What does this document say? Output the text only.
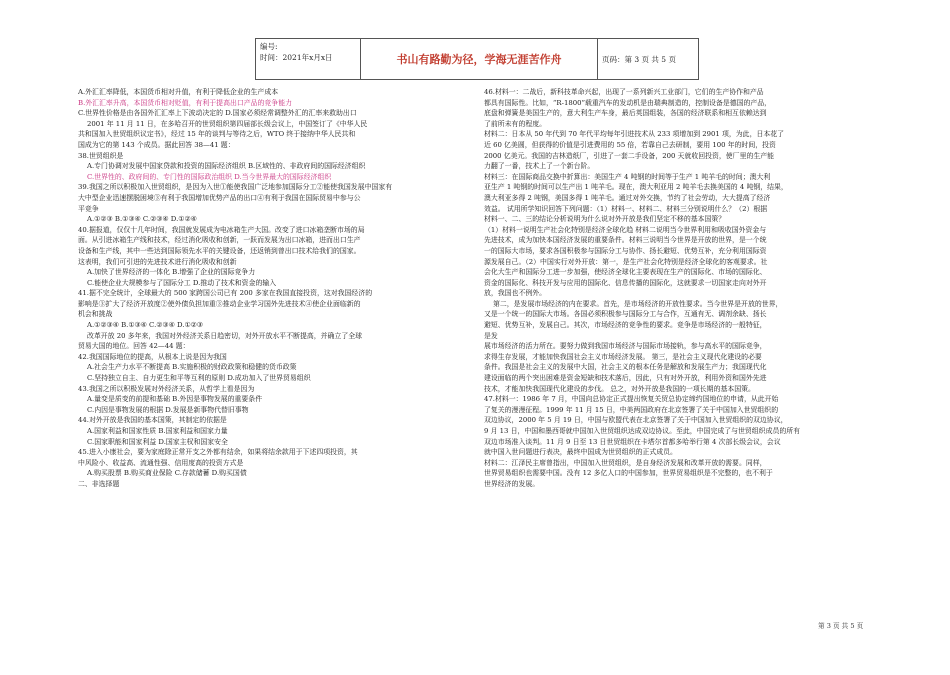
编号:
时间：2021年x月x日	书山有路勤为径，学海无涯苦作舟	页码：第 3 页 共 5 页

A.外汇汇率降低，本国货币相对升值，有利于降低企业的生产成本

B.外汇汇率升高，本国货币相对贬值，有利于提高出口产品的竞争能力

C.世界性价格是由各国外汇汇率上下波动决定的 D.国家必须经常调整外汇的汇率来救助出口

2001 年 11 月 11 日，在多哈召开的世贸组织第四届部长级会议上，中国签订了《中华人民

共和国加入世贸组织议定书》，经过 15 年的谈判与等待之后，WTO 终于接纳中华人民共和

国成为它的第 143 个成员。据此回答 38—41 题：

38.世贸组织是

A.专门协调对发展中国家贷款和投资的国际经济组织 B.区域性的、非政府间的国际经济组织

C.世界性的、政府间的、专门性的国际政治组织 D.当今世界最大的国际经济组织

39.我国之所以积极加入世贸组织，是因为入世①能使我国广泛地参加国际分工②能使我国发展中国家有

大中型企业迅速摆脱困境③有利于我国增加优势产品的出口④有利于我国在国际贸易中参与公

平竞争

A.①②③ B.①③④ C.②③④ D.①②④

40.据报道，仅仅十几年时间，我国就发展成为电冰箱生产大国。改变了进口冰箱垄断市场的局

面。从引进冰箱生产线和技术，经过消化吸收和创新，一跃而发展为出口冰箱，进而出口生产

设备和生产线，其中一些达到国际领先水平的关键设备，还返销到曾出口技术给我们的国家。

这表明，我们可引进的先进技术进行消化吸收和创新

A.加快了世界经济的一体化 B.增强了企业的国际竞争力

C.能使企业大规模参与了国际分工 D.推动了技术和资金的输入

41.据不完全统计，全球最大的 500 家跨国公司已有 200 多家在我国直接投资，这对我国经济的

影响是③扩大了经济开放度②使外债负担加重③推动企业学习国外先进技术④使企业面临新的

机会和挑战

A.①②③④ B.①③④ C.②③④ D.①②③

改革开放 20 多年来，我国对外经济关系日趋密切，对外开放水平不断提高，并确立了全球

贸易大国的地位。回答 42—44 题：

42.我国国际地位的提高，从根本上说是因为我国

A.社会生产力水平不断提高 B.实施积极的财政政策和稳健的货币政策

C.坚持独立自主、自力更生和平等互利的原则 D.成功加入了世界贸易组织

43.我国之所以积极发展对外经济关系，从哲学上看是因为

A.量变是质变的前提和基础 B.外因是事物发展的重要条件

C.内因是事物发展的根据 D.发展是新事物代替旧事物

44.对外开放是我国的基本国策，其制定的依据是

A.国家利益和国家性质 B.国家利益和国家力量

C.国家职能和国家利益 D.国家主权和国家安全

45.进入小康社会，要为家庭除正常开支之外都有结余，如果将结余款用于下述四项投资，其

中风险小、收益高、流通性强、信用度高的投资方式是

A.购买股票 B.购买商业保险 C.存款储蓄 D.购买国债

二、非选择题

46.材料一：二战后，新科技革命兴起，出现了一系列新兴工业部门，它们的生产协作和产品

都具有国际性。比如，“R-1800”载重汽车的发动机是由瑞典制造的，控制设备是德国的产品，

底盘和弹簧是美国生产的，意大利生产车身，最后英国组装，各国的经济联系和相互依赖达到

了前所未有的程度。

材料二：日本从 50 年代到 70 年代平均每年引进技术从 233 项增加到 2901 项，为此，日本花了

近 60 亿美圆，但获得的价值是引进费用的 55 倍，若靠自己去研制，要用 100 年的时间，投资

2000 亿美元。我国的吉林造纸厂，引进了一套二手设备，200 天就收回投资，使厂里的生产能

力翻了一番，技术上了一个新台阶。

材料三：在国际商品交换中折算出：美国生产 4 吨钢的时间等于生产 1 吨羊毛的时间；澳大利

亚生产 1 吨钢的时间可以生产出 1 吨羊毛。现在，澳大利亚用 2 吨羊毛去换美国的 4 吨钢，结果，

澳大利亚多得 2 吨钢，美国多得 1 吨羊毛。通过对外交换，节约了社会劳动，大大提高了经济

效益。 试用所学知识回答下列问题：（1）材料一、材料二、材料三分别说明什么？（2）根据

材料一、二、三的结论分析说明为什么说对外开放是我们坚定不移的基本国策？

（1）材料一说明生产社会化特别是经济全球化趋 材料二说明当今世界利用和吸收国外资金与

先进技术，成为加快本国经济发展的重要条件。材料三说明当今世界是开放的世界，是一个统

一的国际大市场，要求各国积极参与国际分工与协作、扬长避短、优势互补，充分利用国际资

源发展自己。（2）中国实行对外开放：第一，是生产社会化特别是经济全球化的客观要求。社

会化大生产和国际分工进一步加强，使经济全球化主要表现在生产的国际化、市场的国际化、

资金的国际化、科技开发与应用的国际化、信息传播的国际化，这就要求一切国家走向对外开

放，我国也不例外。

第二，是发展市场经济的内在要求。首先，是市场经济的开放性要求。当今世界是开放的世界，

又是一个统一的国际大市场。各国必须积极参与国际分工与合作，互通有无、调剂余缺、扬长

避短、优势互补，发展自己。其次，市场经济的竞争性的要求。竞争是市场经济的一般特征，

是发

展市场经济的活力所在。要努力做到我国市场经济与国际市场接轨，参与高水平的国际竞争，

求得生存发展，才能加快我国社会主义市场经济发展。 第三，是社会主义现代化建设的必要

条件。我国是社会主义的发展中大国，社会主义的根本任务是解放和发展生产力；我国现代化

建设面临的两个突出困难是资金短缺和技术落后，因此，只有对外开放，利用外资和国外先进

技术，才能加快我国现代化建设的步伐。 总之，对外开放是我国的一项长期的基本国策。

47.材料一：1986 年 7 月，中国向总协定正式提出恢复关贸总协定缔约国地位的申请，从此开始

了复关的漫漫征程。1999 年 11 月 15 日，中美两国政府在北京签署了关于中国加入世贸组织的

双边协议，2000 年 5 月 19 日，中国与欧盟代表在北京签署了关于中国加入世贸组织的双边协议，

9 月 13 日，中国和墨西哥就中国加入世贸组织达成双边协议。至此，中国完成了与世贸组织成员的所有

双边市场准入谈判。11 月 9 日至 13 日世贸组织在卡塔尔首都多哈举行第 4 次部长级会议，会议

就中国入世问题进行表决，最终中国成为世贸组织的正式成员。

材料二：江泽民主席曾指出，中国加入世贸组织，是自身经济发展和改革开放的需要。同样，

世界贸易组织也需要中国。没有 12 多亿人口的中国参加，世界贸易组织是不完整的，也不利于

世界经济的发展。

第 3 页 共 5 页
